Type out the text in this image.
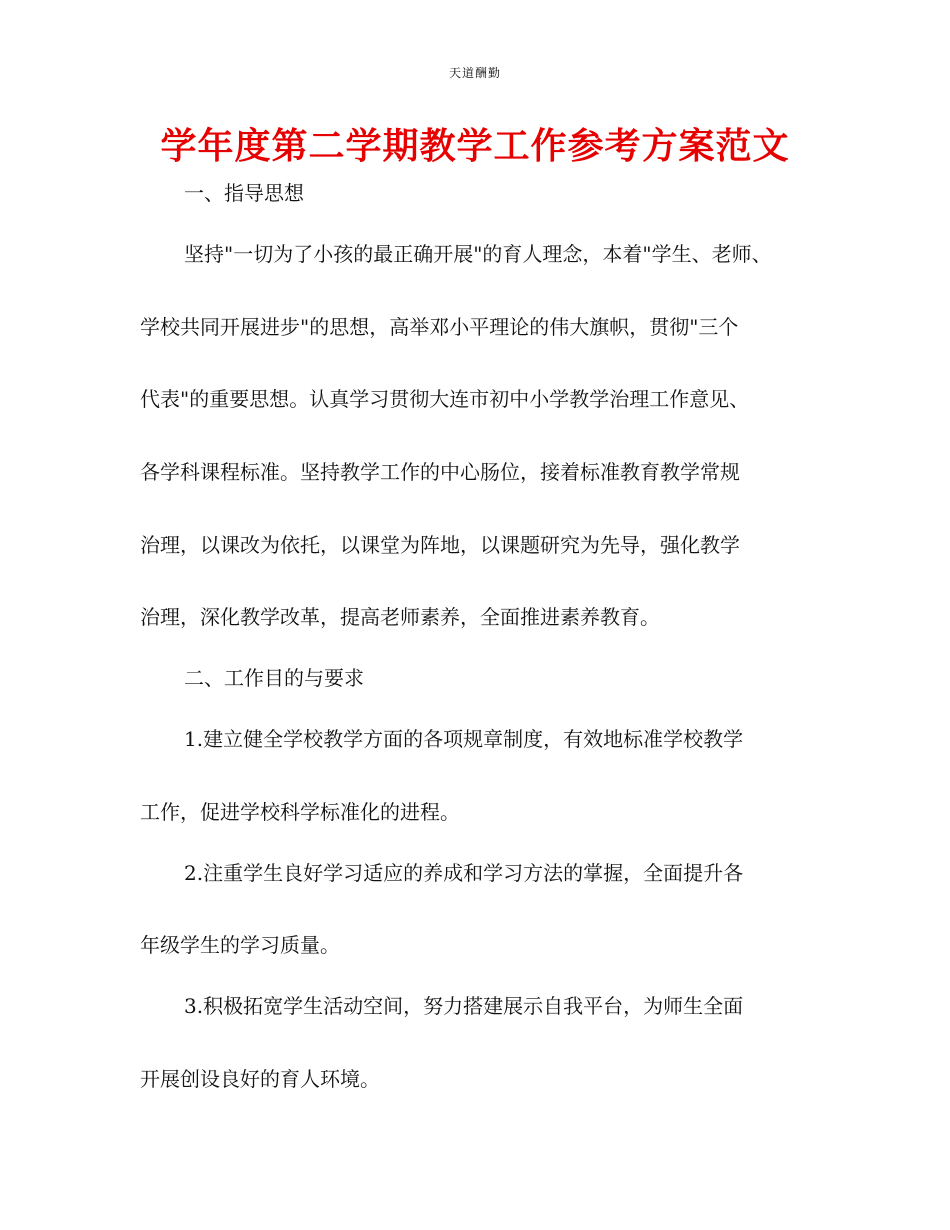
天道酬勤
学年度第二学期教学工作参考方案范文
一、指导思想
坚持"一切为了小孩的最正确开展"的育人理念，本着"学生、老师、
学校共同开展进步"的思想，高举邓小平理论的伟大旗帜，贯彻"三个
代表"的重要思想。认真学习贯彻大连市初中小学教学治理工作意见、
各学科课程标准。坚持教学工作的中心肠位，接着标准教育教学常规
治理，以课改为依托，以课堂为阵地，以课题研究为先导，强化教学
治理，深化教学改革，提高老师素养，全面推进素养教育。
二、工作目的与要求
1.建立健全学校教学方面的各项规章制度，有效地标准学校教学
工作，促进学校科学标准化的进程。
2.注重学生良好学习适应的养成和学习方法的掌握，全面提升各
年级学生的学习质量。
3.积极拓宽学生活动空间，努力搭建展示自我平台，为师生全面
开展创设良好的育人环境。
